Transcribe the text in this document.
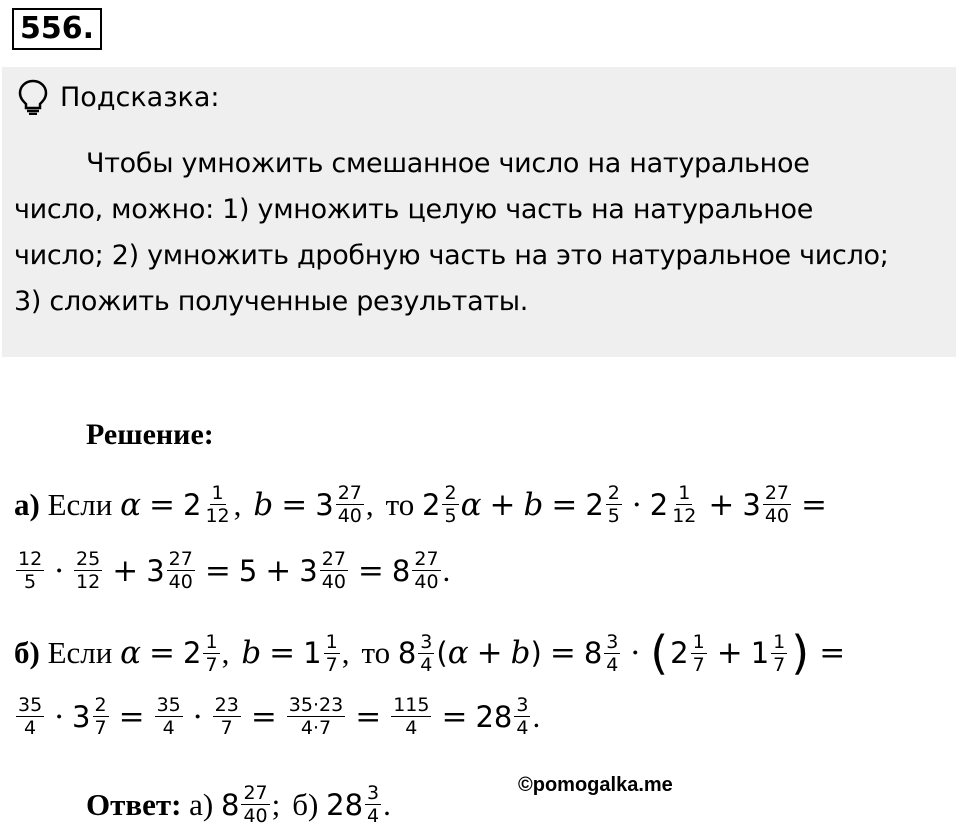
556.
Подсказка:
Чтобы умножить смешанное число на натуральное
число, можно: 1) умножить целую часть на натуральное
число; 2) умножить дробную часть на это натуральное число;
3) сложить полученные результаты.
Решение:
а)
Если
$\alpha = 2 \frac{1}{12}$ , $b = 3 \frac{27}{40}$ , то
$2 \frac{2}{5}$ $\alpha + b = 2 \frac{2}{5} \cdot 2 \frac{1}{12} + 3 \frac{27}{40}$ =
$\frac{12}{5} \cdot \frac{25}{12} + 3 \frac{27}{40} = 5 + 3 \frac{27}{40} = 8 \frac{27}{40}$ .
б)
Если
$\alpha = 2 \frac{1}{7}$ , $b = 1 \frac{1}{7}$ , то
$8 \frac{3}{4}$ ( α + b ) = $8 \frac{3}{4}$ · ( $2 \frac{1}{7} + 1 \frac{1}{7}$ ) =
$\frac{35}{4} \cdot 3 \frac{2}{7} = \frac{35}{4} \cdot \frac{23}{7} = \frac{35\cdot 23}{4\cdot 7} = \frac{115}{4} = 28 \frac{3}{4}$ .
Ответ:
а)
$8 \frac{27}{40}$ ; б)
$28 \frac{3}{4}$ .
©pomogalka.me
